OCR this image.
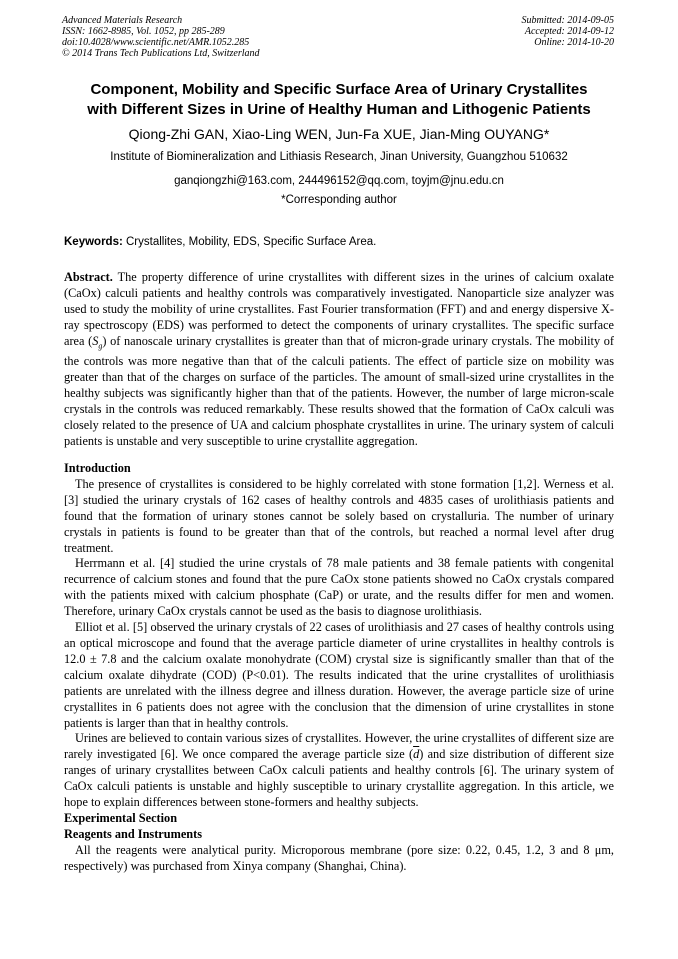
Advanced Materials Research
ISSN: 1662-8985, Vol. 1052, pp 285-289
doi:10.4028/www.scientific.net/AMR.1052.285
© 2014 Trans Tech Publications Ltd, Switzerland
Submitted: 2014-09-05
Accepted: 2014-09-12
Online: 2014-10-20
Component, Mobility and Specific Surface Area of Urinary Crystallites
with Different Sizes in Urine of Healthy Human and Lithogenic Patients
Qiong-Zhi GAN, Xiao-Ling WEN, Jun-Fa XUE, Jian-Ming OUYANG*
Institute of Biomineralization and Lithiasis Research, Jinan University, Guangzhou 510632
ganqiongzhi@163.com, 244496152@qq.com, toyjm@jnu.edu.cn
*Corresponding author
Keywords: Crystallites, Mobility, EDS, Specific Surface Area.

Abstract. The property difference of urine crystallites with different sizes in the urines of calcium oxalate (CaOx) calculi patients and healthy controls was comparatively investigated. Nanoparticle size analyzer was used to study the mobility of urine crystallites. Fast Fourier transformation (FFT) and and energy dispersive X-ray spectroscopy (EDS) was performed to detect the components of urinary crystallites. The specific surface area $(S_g)$ of nanoscale urinary crystallites is greater than that of micron-grade urinary crystals. The mobility of the controls was more negative than that of the calculi patients. The effect of particle size on mobility was greater than that of the charges on surface of the particles. The amount of small-sized urine crystallites in the healthy subjects was significantly higher than that of the patients. However, the number of large micron-scale crystals in the controls was reduced remarkably. These results showed that the formation of CaOx calculi was closely related to the presence of UA and calcium phosphate crystallites in urine. The urinary system of calculi patients is unstable and very susceptible to urine crystallite aggregation.

Introduction

The presence of crystallites is considered to be highly correlated with stone formation [1,2]. Werness et al. [3] studied the urinary crystals of 162 cases of healthy controls and 4835 cases of urolithiasis patients and found that the formation of urinary stones cannot be solely based on crystalluria. The number of urinary crystals in patients is found to be greater than that of the controls, but reached a normal level after drug treatment.

Herrmann et al. [4] studied the urine crystals of 78 male patients and 38 female patients with congenital recurrence of calcium stones and found that the pure CaOx stone patients showed no CaOx crystals compared with the patients mixed with calcium phosphate (CaP) or urate, and the results differ for men and women. Therefore, urinary CaOx crystals cannot be used as the basis to diagnose urolithiasis.

Elliot et al. [5] observed the urinary crystals of 22 cases of urolithiasis and 27 cases of healthy controls using an optical microscope and found that the average particle diameter of urine crystallites in healthy controls is 12.0 ± 7.8 and the calcium oxalate monohydrate (COM) crystal size is significantly smaller than that of the calcium oxalate dihydrate (COD) (P<0.01). The results indicated that the urine crystallites of urolithiasis patients are unrelated with the illness degree and illness duration. However, the average particle size of urine crystallites in 6 patients does not agree with the conclusion that the dimension of urine crystallites in stone patients is larger than that in healthy controls.

Urines are believed to contain various sizes of crystallites. However, the urine crystallites of different size are rarely investigated [6]. We once compared the average particle size $(\overline{d})$ and size distribution of different size ranges of urinary crystallites between CaOx calculi patients and healthy controls [6]. The urinary system of CaOx calculi patients is unstable and highly susceptible to urinary crystallite aggregation. In this article, we hope to explain differences between stone-formers and healthy subjects.

Experimental Section

Reagents and Instruments

All the reagents were analytical purity. Microporous membrane (pore size: 0.22, 0.45, 1.2, 3 and 8 μm, respectively) was purchased from Xinya company (Shanghai, China).
